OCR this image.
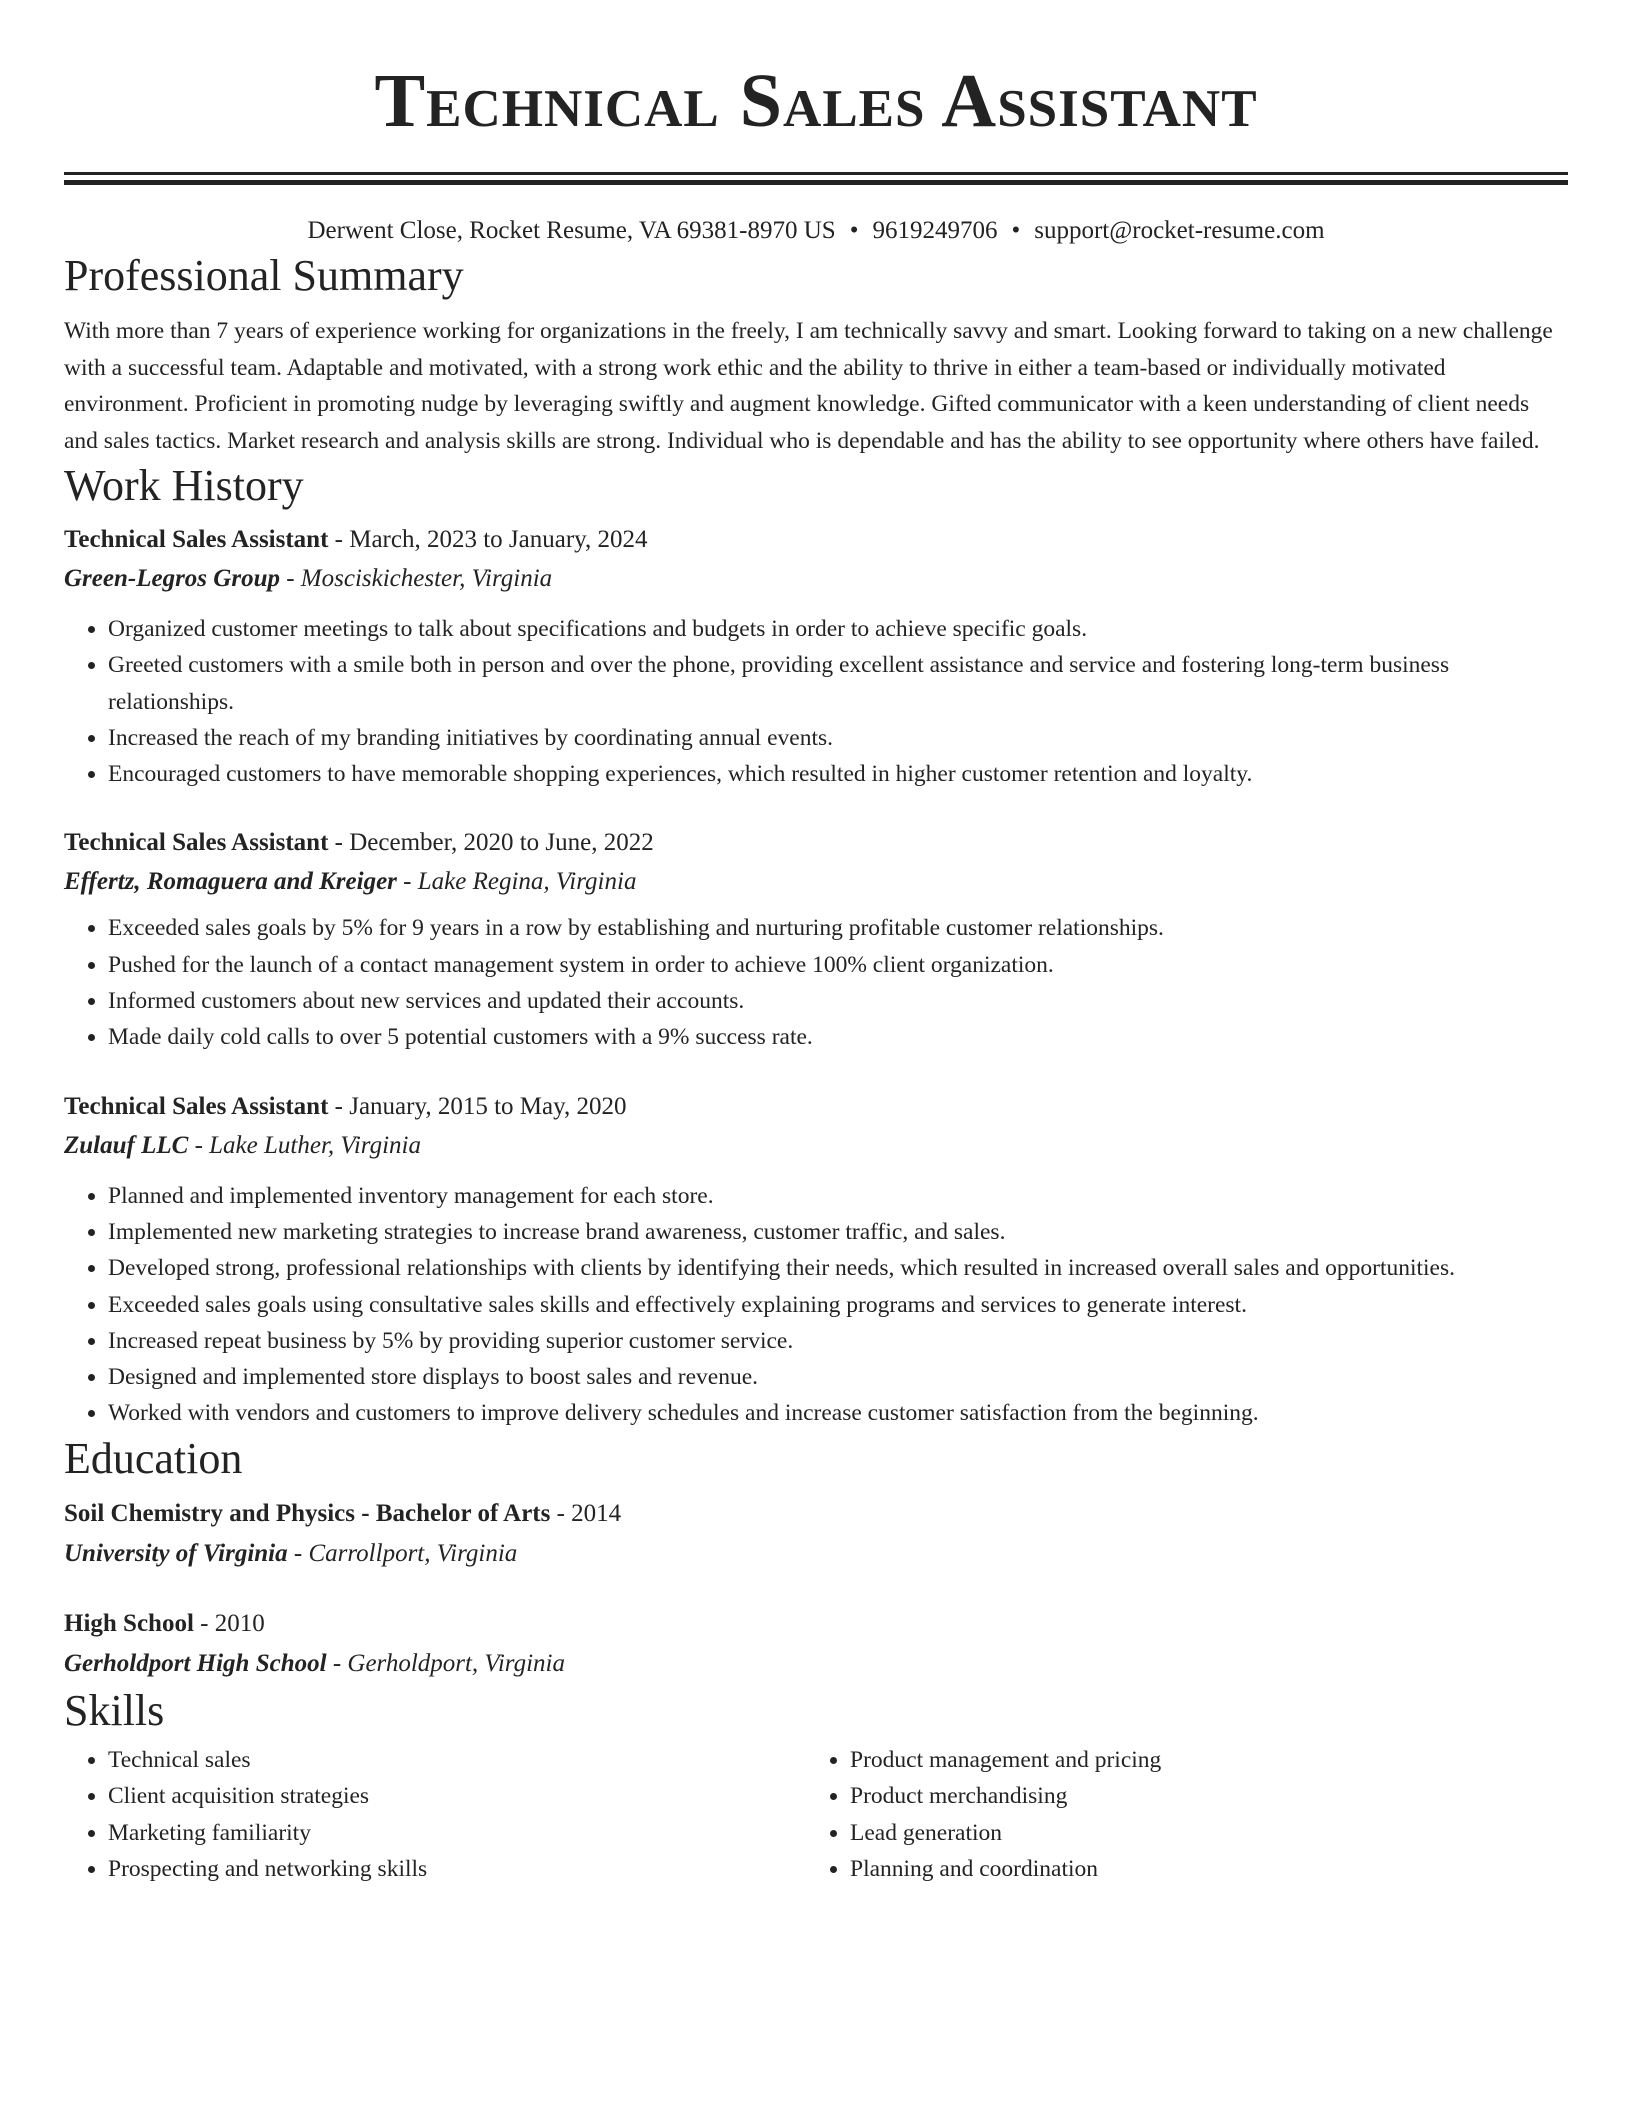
Technical Sales Assistant
Derwent Close, Rocket Resume, VA 69381-8970 US • 9619249706 • support@rocket-resume.com
Professional Summary
With more than 7 years of experience working for organizations in the freely, I am technically savvy and smart. Looking forward to taking on a new challenge with a successful team. Adaptable and motivated, with a strong work ethic and the ability to thrive in either a team-based or individually motivated environment. Proficient in promoting nudge by leveraging swiftly and augment knowledge. Gifted communicator with a keen understanding of client needs and sales tactics. Market research and analysis skills are strong. Individual who is dependable and has the ability to see opportunity where others have failed.
Work History
Technical Sales Assistant - March, 2023 to January, 2024
Green-Legros Group - Mosciskichester, Virginia
• Organized customer meetings to talk about specifications and budgets in order to achieve specific goals.
• Greeted customers with a smile both in person and over the phone, providing excellent assistance and service and fostering long-term business relationships.
• Increased the reach of my branding initiatives by coordinating annual events.
• Encouraged customers to have memorable shopping experiences, which resulted in higher customer retention and loyalty.
Technical Sales Assistant - December, 2020 to June, 2022
Effertz, Romaguera and Kreiger - Lake Regina, Virginia
• Exceeded sales goals by 5% for 9 years in a row by establishing and nurturing profitable customer relationships.
• Pushed for the launch of a contact management system in order to achieve 100% client organization.
• Informed customers about new services and updated their accounts.
• Made daily cold calls to over 5 potential customers with a 9% success rate.
Technical Sales Assistant - January, 2015 to May, 2020
Zulauf LLC - Lake Luther, Virginia
• Planned and implemented inventory management for each store.
• Implemented new marketing strategies to increase brand awareness, customer traffic, and sales.
• Developed strong, professional relationships with clients by identifying their needs, which resulted in increased overall sales and opportunities.
• Exceeded sales goals using consultative sales skills and effectively explaining programs and services to generate interest.
• Increased repeat business by 5% by providing superior customer service.
• Designed and implemented store displays to boost sales and revenue.
• Worked with vendors and customers to improve delivery schedules and increase customer satisfaction from the beginning.
Education
Soil Chemistry and Physics - Bachelor of Arts - 2014
University of Virginia - Carrollport, Virginia
High School - 2010
Gerholdport High School - Gerholdport, Virginia
Skills
• Technical sales
• Client acquisition strategies
• Marketing familiarity
• Prospecting and networking skills
• Product management and pricing
• Product merchandising
• Lead generation
• Planning and coordination
